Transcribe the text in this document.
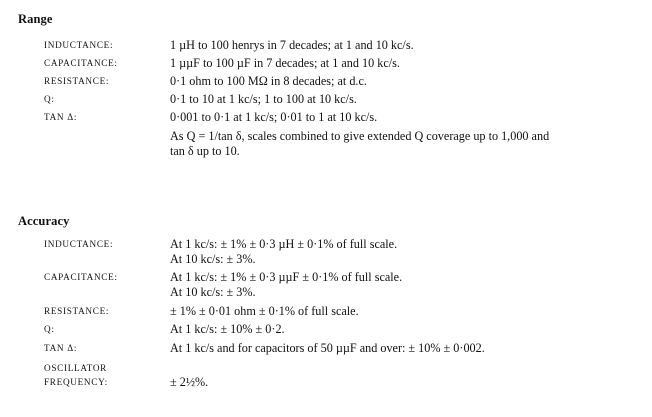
Range
INDUCTANCE:	1 µH to 100 henrys in 7 decades; at 1 and 10 kc/s.
CAPACITANCE:	1 µµF to 100 µF in 7 decades; at 1 and 10 kc/s.
RESISTANCE:	0·1 ohm to 100 MΩ in 8 decades; at d.c.
Q:	0·1 to 10 at 1 kc/s; 1 to 100 at 10 kc/s.
TAN Δ:	0·001 to 0·1 at 1 kc/s; 0·01 to 1 at 10 kc/s.
As Q = 1/tan δ, scales combined to give extended Q coverage up to 1,000 and
tan δ up to 10.
Accuracy
INDUCTANCE:	At 1 kc/s: ± 1% ± 0·3 µH ± 0·1% of full scale.
At 10 kc/s: ± 3%.
CAPACITANCE:	At 1 kc/s: ± 1% ± 0·3 µµF ± 0·1% of full scale.
At 10 kc/s: ± 3%.
RESISTANCE:	± 1% ± 0·01 ohm ± 0·1% of full scale.
Q:	At 1 kc/s: ± 10% ± 0·2.
TAN Δ:	At 1 kc/s and for capacitors of 50 µµF and over: ± 10% ± 0·002.
OSCILLATOR
FREQUENCY:	± 2½%.
